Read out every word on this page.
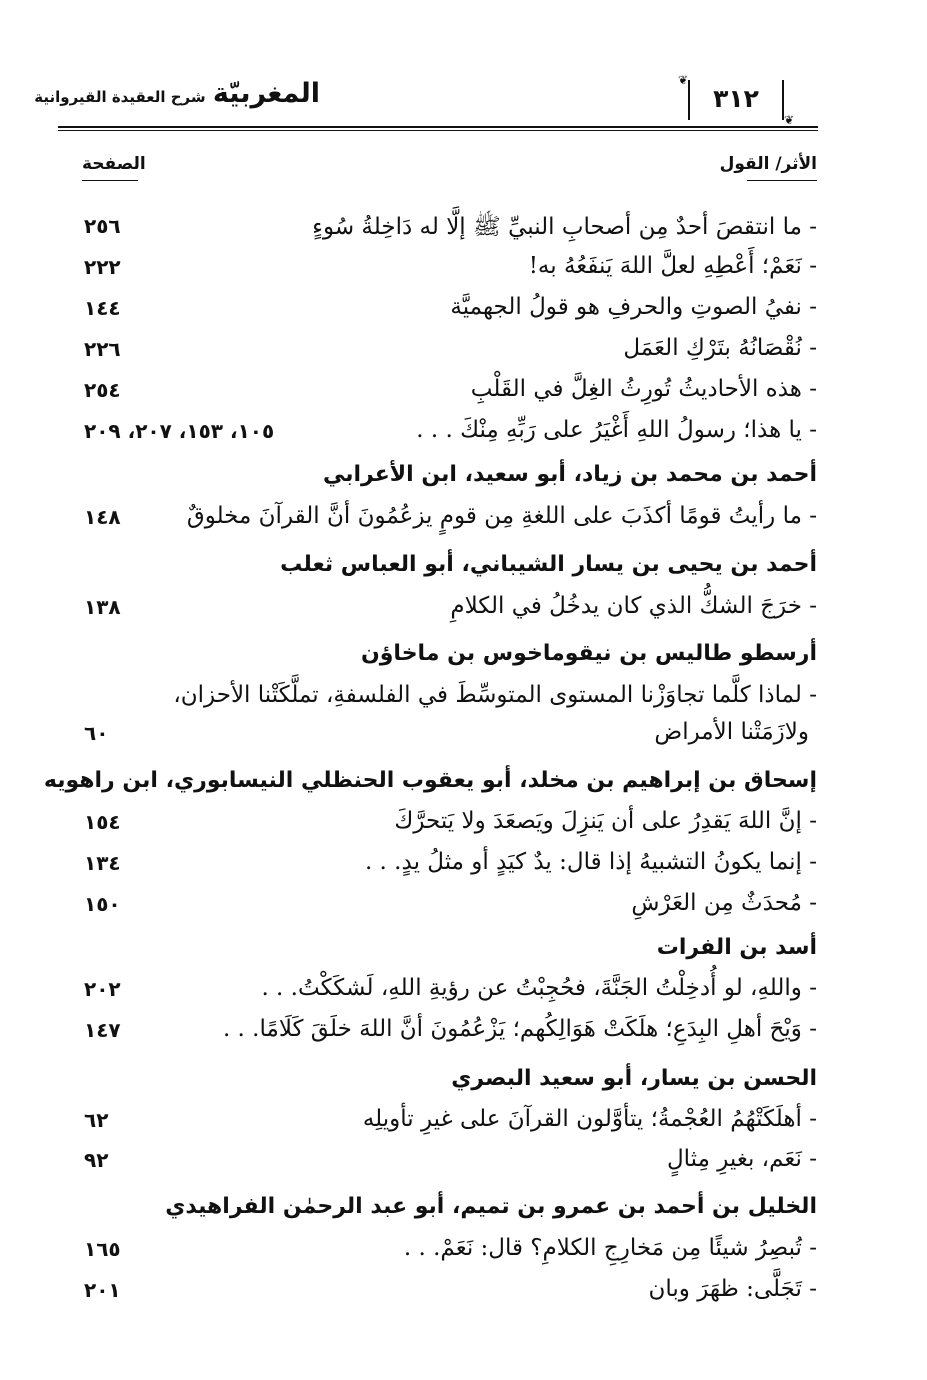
المغربيّة شرح العقيدة القيروانية
❦
❦
٣١٢
الأثر/ القول
الصفحة
- ما انتقصَ أحدٌ مِن أصحابِ النبيِّ ﷺ إلَّا له دَاخِلةُ سُوءٍ
٢٥٦
- نَعَمْ؛ أَعْطِهِ لعلَّ اللهَ يَنفَعُهُ به!
٢٢٢
- نفيُ الصوتِ والحرفِ هو قولُ الجهميَّة
١٤٤
- نُقْصَانُهُ بتَرْكِ العَمَل
٢٢٦
- هذه الأحاديثُ تُورِثُ الغِلَّ في القَلْبِ
٢٥٤
- يا هذا؛ رسولُ اللهِ أَغْيَرُ على رَبِّهِ مِنْكَ . . .
١٠٥، ١٥٣، ٢٠٧، ٢٠٩
أحمد بن محمد بن زياد، أبو سعيد، ابن الأعرابي
- ما رأيتُ قومًا أكذَبَ على اللغةِ مِن قومٍ يزعُمُونَ أنَّ القرآنَ مخلوقٌ
١٤٨
أحمد بن يحيى بن يسار الشيباني، أبو العباس ثعلب
- خرَجَ الشكُّ الذي كان يدخُلُ في الكلامِ
١٣٨
أرسطو طاليس بن نيقوماخوس بن ماخاؤن
- لماذا كلَّما تجاوَزْنا المستوى المتوسِّطَ في الفلسفةِ، تملَّكَتْنا الأحزان،
ولازَمَتْنا الأمراض
٦٠
إسحاق بن إبراهيم بن مخلد، أبو يعقوب الحنظلي النيسابوري، ابن راهويه
- إنَّ اللهَ يَقدِرُ على أن يَنزِلَ ويَصعَدَ ولا يَتحرَّكَ
١٥٤
- إنما يكونُ التشبيهُ إذا قال: يدٌ كيَدٍ أو مثلُ يدٍ. . .
١٣٤
- مُحدَثٌ مِن العَرْشِ
١٥٠
أسد بن الفرات
- واللهِ، لو أُدخِلْتُ الجَنَّةَ، فحُجِبْتُ عن رؤيةِ اللهِ، لَشكَكْتُ. . .
٢٠٢
- وَيْحَ أهلِ البِدَعِ؛ هلَكَتْ هَوَالِكُهم؛ يَزْعُمُونَ أنَّ اللهَ خلَقَ كَلَامًا. . .
١٤٧
الحسن بن يسار، أبو سعيد البصري
- أهلَكَتْهُمُ العُجْمةُ؛ يتأوَّلون القرآنَ على غيرِ تأويلِه
٦٢
- نَعَم، بغيرِ مِثالٍ
٩٢
الخليل بن أحمد بن عمرو بن تميم، أبو عبد الرحمٰن الفراهيدي
- تُبصِرُ شيئًا مِن مَخارِجِ الكلامِ؟ قال: نَعَمْ. . .
١٦٥
- تَجَلَّى: ظهَرَ وبان
٢٠١
